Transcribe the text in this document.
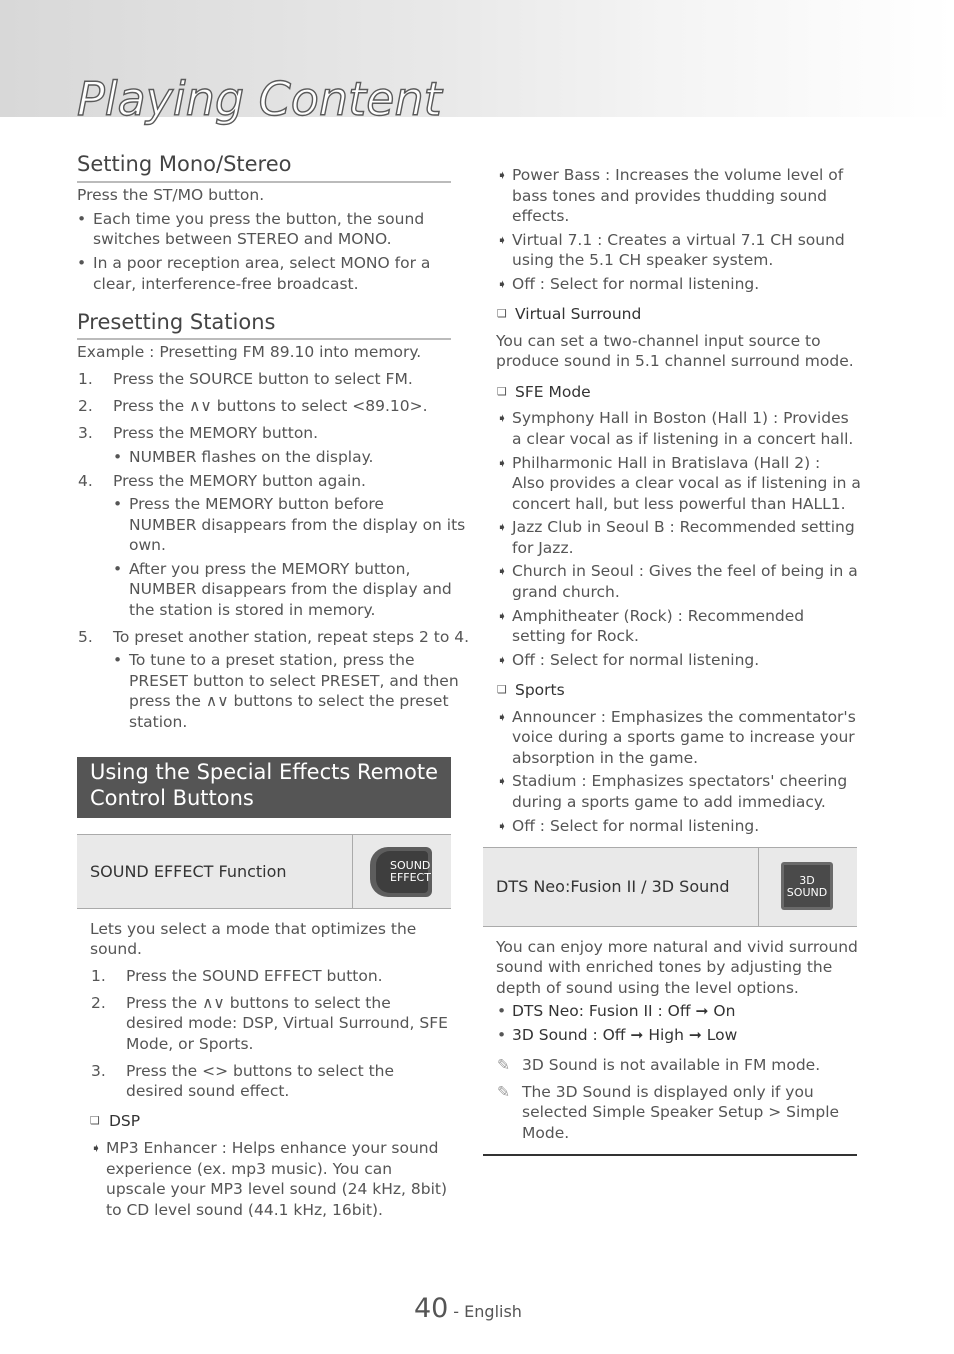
Playing Content
Setting Mono/Stereo
Press the ST/MO button.
• Each time you press the button, the sound
switches between STEREO and MONO.
• In a poor reception area, select MONO for a
clear, interference-free broadcast.
Presetting Stations
Example : Presetting FM 89.10 into memory.
1. Press the SOURCE button to select FM.
2. Press the ∧∨ buttons to select <89.10>.
3. Press the MEMORY button.
• NUMBER flashes on the display.
4. Press the MEMORY button again.
• Press the MEMORY button before
NUMBER disappears from the display on its
own.
• After you press the MEMORY button,
NUMBER disappears from the display and
the station is stored in memory.
5. To preset another station, repeat steps 2 to 4.
• To tune to a preset station, press the
PRESET button to select PRESET, and then
press the ∧∨ buttons to select the preset
station.
Using the Special Effects Remote
Control Buttons
SOUND EFFECT Function	SOUND
EFFECT
Lets you select a mode that optimizes the
sound.
1. Press the SOUND EFFECT button.
2. Press the ∧∨ buttons to select the
desired mode: DSP, Virtual Surround, SFE
Mode, or Sports.
3. Press the <> buttons to select the
desired sound effect.
❑ DSP
➧ MP3 Enhancer : Helps enhance your sound
experience (ex. mp3 music). You can
upscale your MP3 level sound (24 kHz, 8bit)
to CD level sound (44.1 kHz, 16bit).
➧ Power Bass : Increases the volume level of
bass tones and provides thudding sound
effects.
➧ Virtual 7.1 : Creates a virtual 7.1 CH sound
using the 5.1 CH speaker system.
➧ Off : Select for normal listening.
❑ Virtual Surround
You can set a two-channel input source to
produce sound in 5.1 channel surround mode.
❑ SFE Mode
➧ Symphony Hall in Boston (Hall 1) : Provides
a clear vocal as if listening in a concert hall.
➧ Philharmonic Hall in Bratislava (Hall 2) :
Also provides a clear vocal as if listening in a
concert hall, but less powerful than HALL1.
➧ Jazz Club in Seoul B : Recommended setting
for Jazz.
➧ Church in Seoul : Gives the feel of being in a
grand church.
➧ Amphitheater (Rock) : Recommended
setting for Rock.
➧ Off : Select for normal listening.
❑ Sports
➧ Announcer : Emphasizes the commentator's
voice during a sports game to increase your
absorption in the game.
➧ Stadium : Emphasizes spectators' cheering
during a sports game to add immediacy.
➧ Off : Select for normal listening.
DTS Neo:Fusion II / 3D Sound	3D
SOUND
You can enjoy more natural and vivid surround
sound with enriched tones by adjusting the
depth of sound using the level options.
• DTS Neo: Fusion II : Off ➞ On
• 3D Sound : Off ➞ High ➞ Low
✎ 3D Sound is not available in FM mode.
✎ The 3D Sound is displayed only if you
selected Simple Speaker Setup > Simple
Mode.
40 - English
